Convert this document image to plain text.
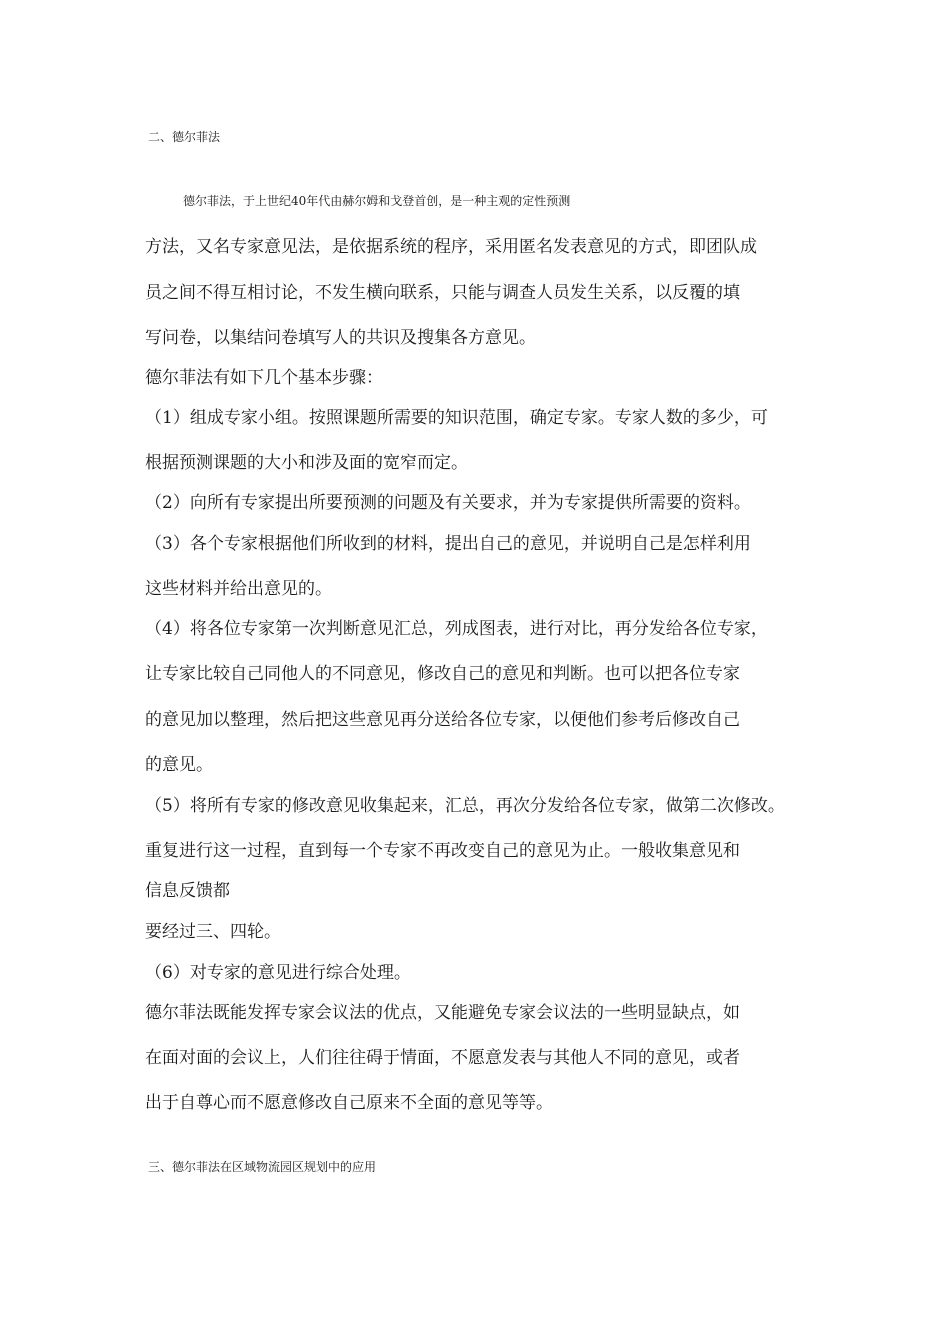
二、德尔菲法
德尔菲法，于上世纪40年代由赫尔姆和戈登首创，是一种主观的定性预测
方法，又名专家意见法，是依据系统的程序，采用匿名发表意见的方式，即团队成
员之间不得互相讨论，不发生横向联系，只能与调查人员发生关系，以反覆的填
写问卷，以集结问卷填写人的共识及搜集各方意见。
德尔菲法有如下几个基本步骤：
（1）组成专家小组。按照课题所需要的知识范围，确定专家。专家人数的多少，可
根据预测课题的大小和涉及面的宽窄而定。
（2）向所有专家提出所要预测的问题及有关要求，并为专家提供所需要的资料。
（3）各个专家根据他们所收到的材料，提出自己的意见，并说明自己是怎样利用
这些材料并给出意见的。
（4）将各位专家第一次判断意见汇总，列成图表，进行对比，再分发给各位专家，
让专家比较自己同他人的不同意见，修改自己的意见和判断。也可以把各位专家
的意见加以整理，然后把这些意见再分送给各位专家，以便他们参考后修改自己
的意见。
（5）将所有专家的修改意见收集起来，汇总，再次分发给各位专家，做第二次修改。
重复进行这一过程，直到每一个专家不再改变自己的意见为止。一般收集意见和
信息反馈都
要经过三、四轮。
（6）对专家的意见进行综合处理。
德尔菲法既能发挥专家会议法的优点，又能避免专家会议法的一些明显缺点，如
在面对面的会议上，人们往往碍于情面，不愿意发表与其他人不同的意见，或者
出于自尊心而不愿意修改自己原来不全面的意见等等。
三、德尔菲法在区域物流园区规划中的应用
